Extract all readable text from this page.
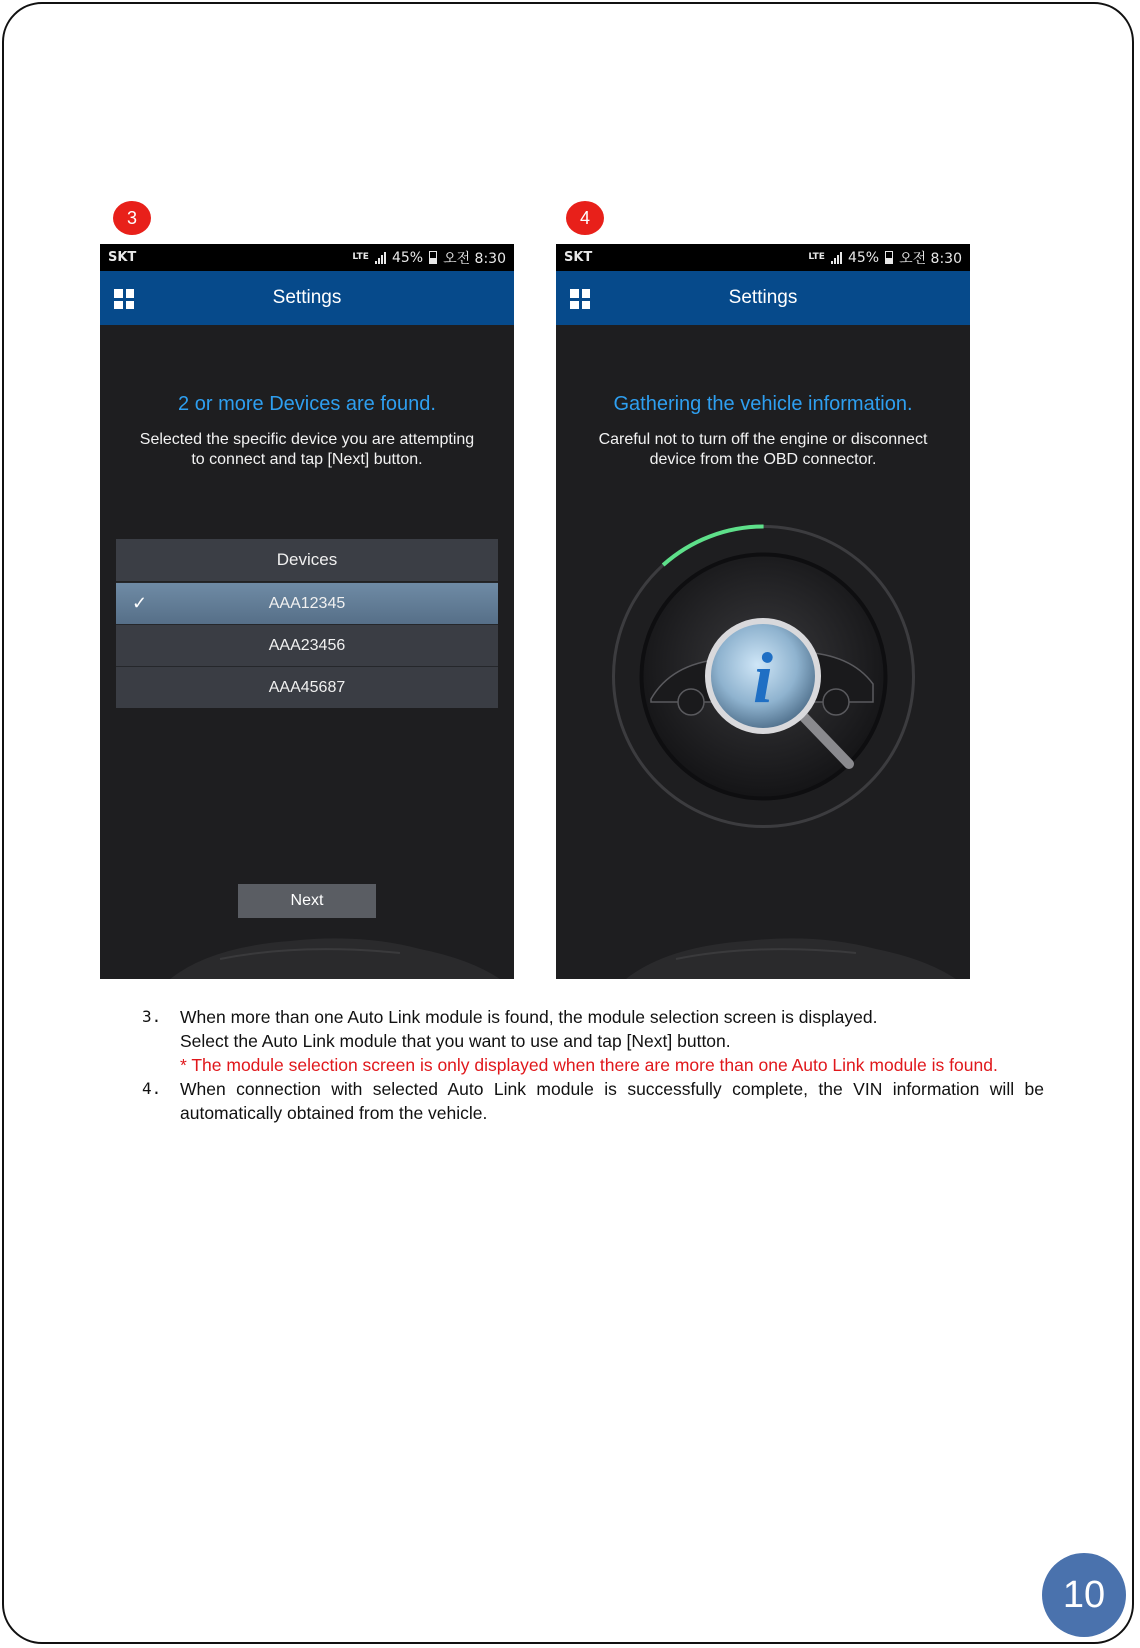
3	4
SKT	LTE 45% 오전 8:30
Settings
2 or more Devices are found.
Selected the specific device you are attempting
to connect and tap [Next] button.
Devices
✓	AAA12345
AAA23456
AAA45687
Next
SKT	LTE 45% 오전 8:30
Settings
Gathering the vehicle information.
Careful not to turn off the engine or disconnect
device from the OBD connector.
i
3. When more than one Auto Link module is found, the module selection screen is displayed.
Select the Auto Link module that you want to use and tap [Next] button.
* The module selection screen is only displayed when there are more than one Auto Link module is found.
4. When connection with selected Auto Link module is successfully complete, the VIN information will be automatically obtained from the vehicle.
10
